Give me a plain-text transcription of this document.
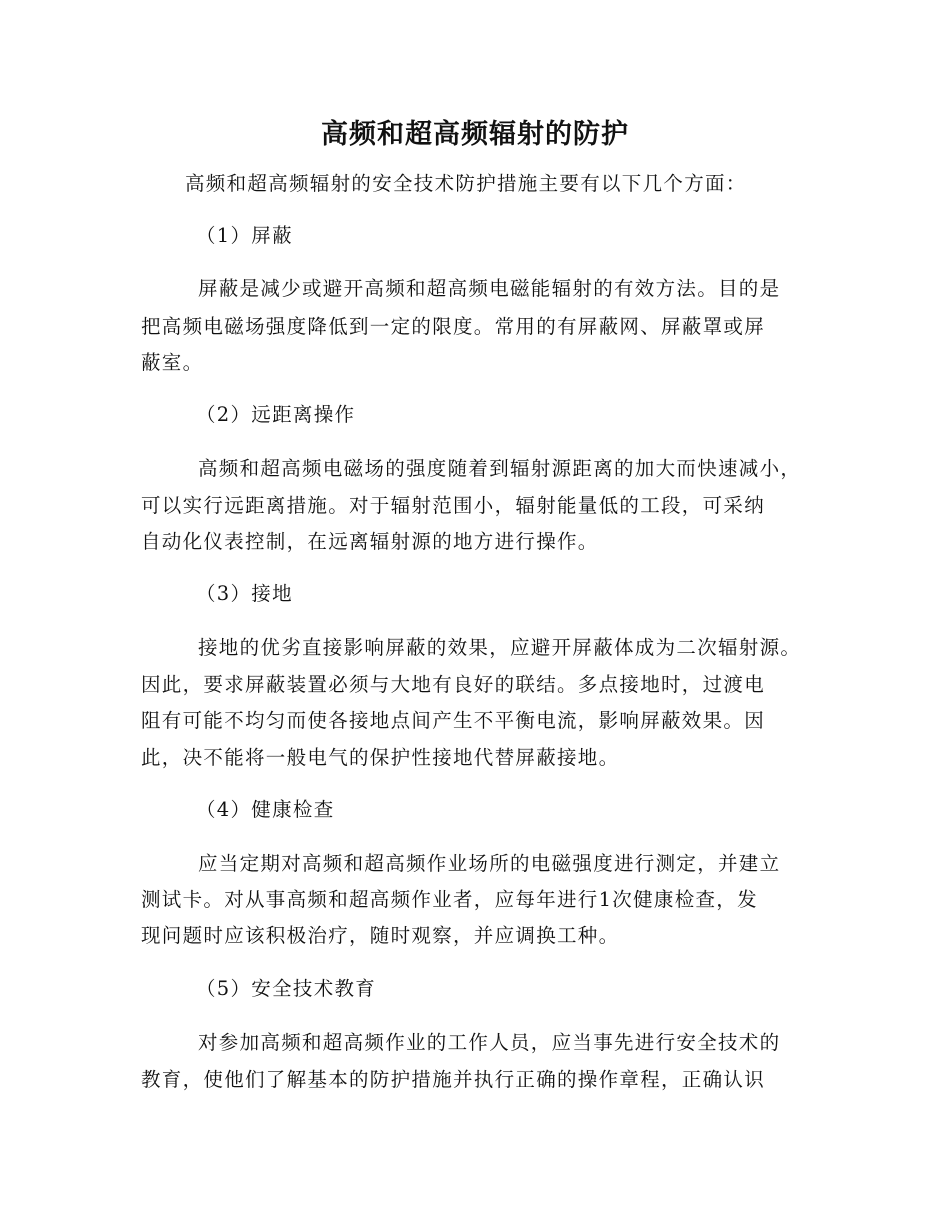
高频和超高频辐射的防护
高频和超高频辐射的安全技术防护措施主要有以下几个方面：
（1）屏蔽
屏蔽是减少或避开高频和超高频电磁能辐射的有效方法。目的是
把高频电磁场强度降低到一定的限度。常用的有屏蔽网、屏蔽罩或屏
蔽室。
（2）远距离操作
高频和超高频电磁场的强度随着到辐射源距离的加大而快速减小，
可以实行远距离措施。对于辐射范围小，辐射能量低的工段，可采纳
自动化仪表控制，在远离辐射源的地方进行操作。
（3）接地
接地的优劣直接影响屏蔽的效果，应避开屏蔽体成为二次辐射源。
因此，要求屏蔽装置必须与大地有良好的联结。多点接地时，过渡电
阻有可能不均匀而使各接地点间产生不平衡电流，影响屏蔽效果。因
此，决不能将一般电气的保护性接地代替屏蔽接地。
（4）健康检查
应当定期对高频和超高频作业场所的电磁强度进行测定，并建立
测试卡。对从事高频和超高频作业者，应每年进行1次健康检查，发
现问题时应该积极治疗，随时观察，并应调换工种。
（5）安全技术教育
对参加高频和超高频作业的工作人员，应当事先进行安全技术的
教育，使他们了解基本的防护措施并执行正确的操作章程，正确认识
